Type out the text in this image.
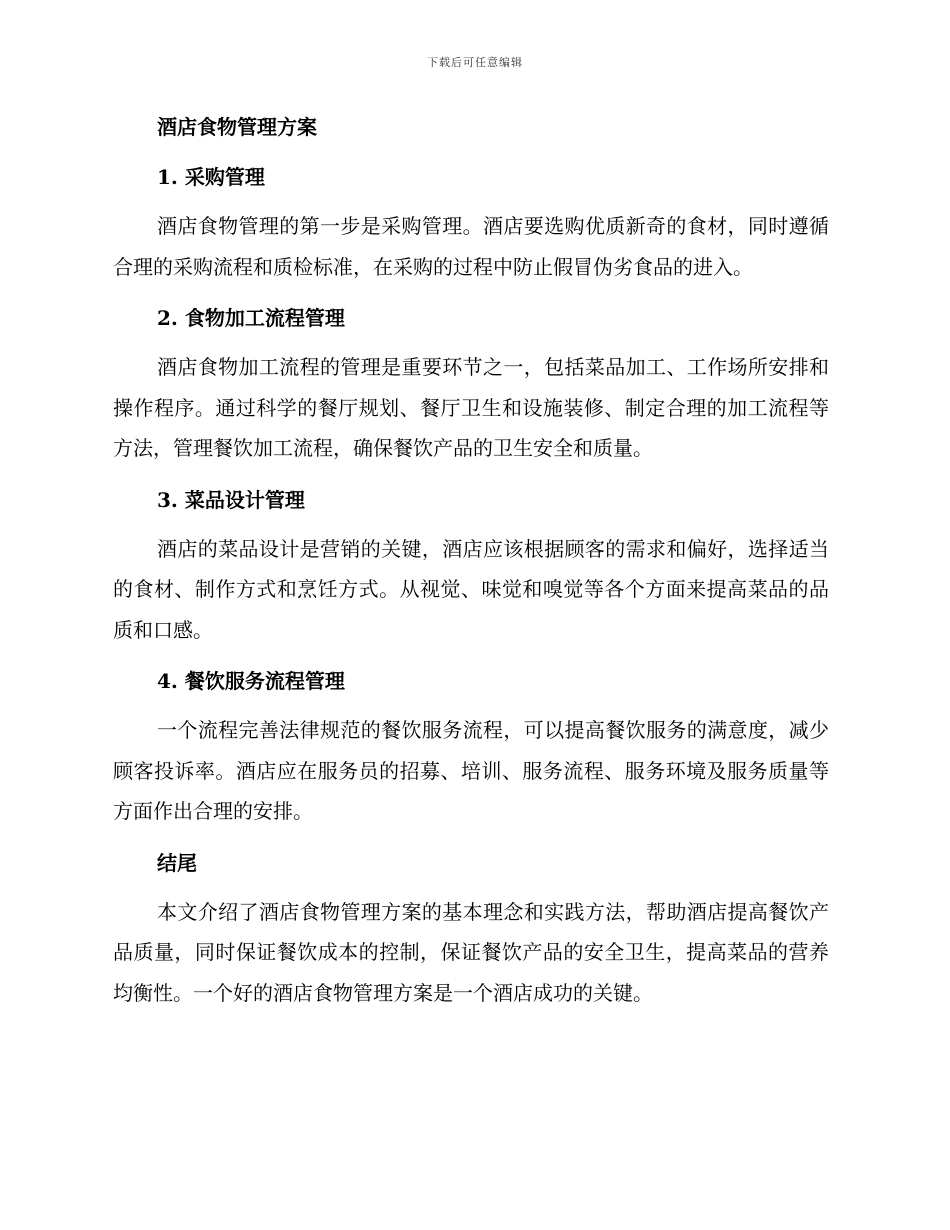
下载后可任意编辑
酒店食物管理方案
1. 采购管理

酒店食物管理的第一步是采购管理。酒店要选购优质新奇的食材，同时遵循合理的采购流程和质检标准，在采购的过程中防止假冒伪劣食品的进入。

2. 食物加工流程管理

酒店食物加工流程的管理是重要环节之一，包括菜品加工、工作场所安排和操作程序。通过科学的餐厅规划、餐厅卫生和设施装修、制定合理的加工流程等方法，管理餐饮加工流程，确保餐饮产品的卫生安全和质量。

3. 菜品设计管理

酒店的菜品设计是营销的关键，酒店应该根据顾客的需求和偏好，选择适当的食材、制作方式和烹饪方式。从视觉、味觉和嗅觉等各个方面来提高菜品的品质和口感。

4. 餐饮服务流程管理

一个流程完善法律规范的餐饮服务流程，可以提高餐饮服务的满意度，减少顾客投诉率。酒店应在服务员的招募、培训、服务流程、服务环境及服务质量等方面作出合理的安排。

结尾

本文介绍了酒店食物管理方案的基本理念和实践方法，帮助酒店提高餐饮产品质量，同时保证餐饮成本的控制，保证餐饮产品的安全卫生，提高菜品的营养均衡性。一个好的酒店食物管理方案是一个酒店成功的关键。
